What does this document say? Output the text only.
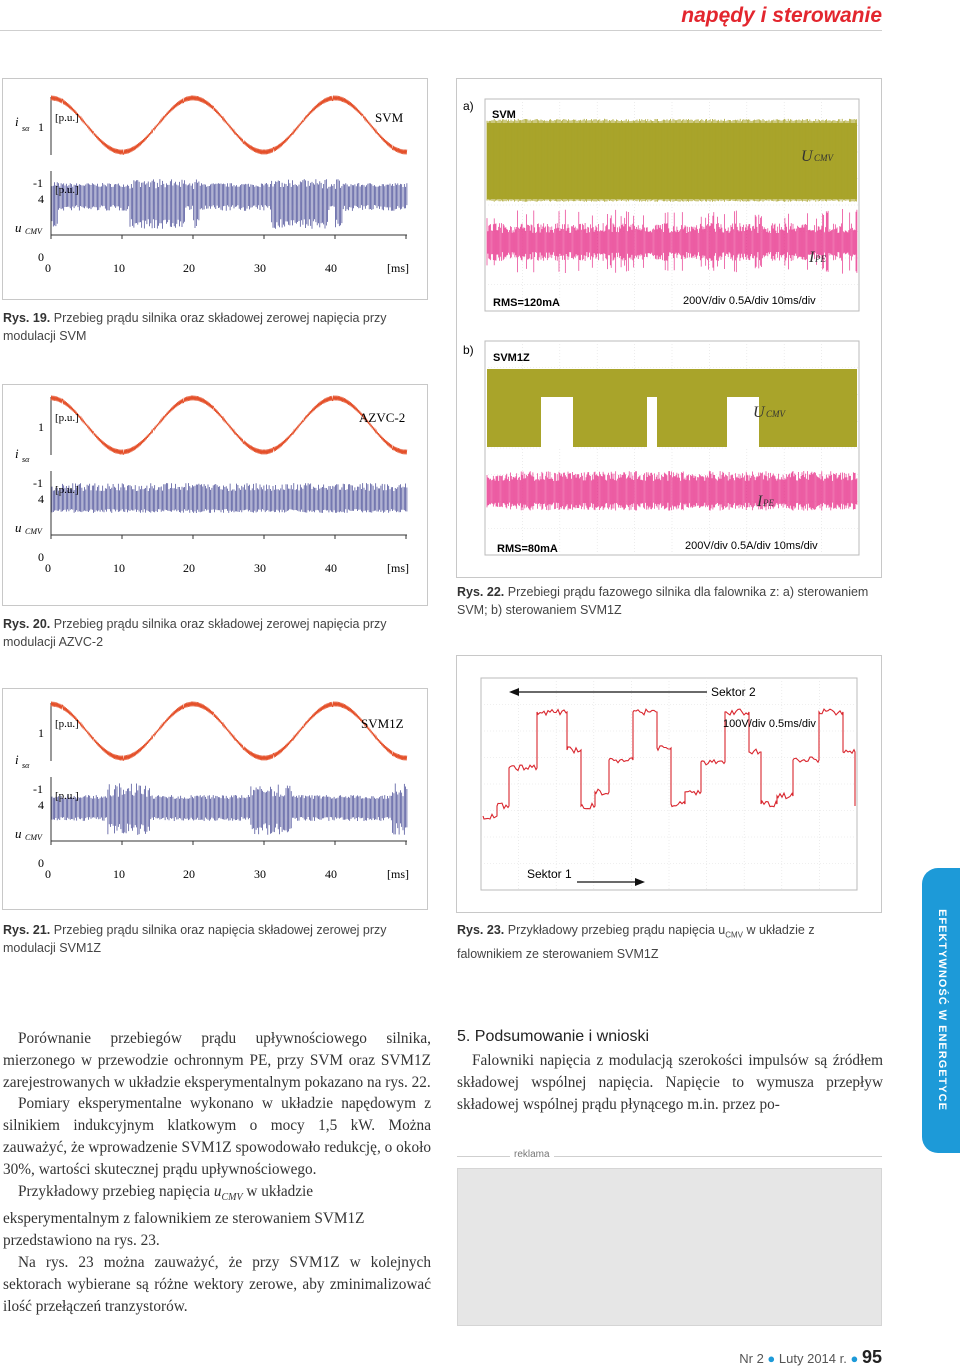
napędy i sterowanie
i sα
u CMV
1
-1
4
0
[p.u.]
[p.u.]
SVM
0	10	20	30	40	[ms]
Rys. 19. Przebieg prądu silnika oraz składowej zerowej napięcia przy modulacji SVM
i sα
u CMV
1
-1
4
0
[p.u.]
[p.u.]
AZVC-2
0	10	20	30	40	[ms]
Rys. 20. Przebieg prądu silnika oraz składowej zerowej napięcia przy modulacji AZVC-2
i sα
u CMV
1
-1
4
0
[p.u.]
[p.u.]
SVM1Z
0	10	20	30	40	[ms]
Rys. 21. Przebieg prądu silnika oraz napięcia składowej zerowej przy modulacji SVM1Z
a)
SVM
U CMV
I PE
RMS=120mA	200V/div 0.5A/div 10ms/div
b)
SVM1Z
U CMV
I PE
RMS=80mA	200V/div 0.5A/div 10ms/div
Rys. 22. Przebiegi prądu fazowego silnika dla falownika z: a) sterowaniem SVM; b) sterowaniem SVM1Z
Sektor 2
100V/div 0.5ms/div
Sektor 1
Rys. 23. Przykładowy przebieg prądu napięcia $u_{CMV}$ w układzie z falownikiem ze sterowaniem SVM1Z

Porównanie przebiegów prądu upływnościowego silnika, mierzonego w przewodzie ochronnym PE, przy SVM oraz SVM1Z zarejestrowanych w układzie eksperymentalnym pokazano na rys. 22.

Pomiary eksperymentalne wykonano w układzie napędowym z silnikiem indukcyjnym klatkowym o mocy 1,5 kW. Można zauważyć, że wprowadzenie SVM1Z spowodowało redukcję, o około 30%, wartości skutecznej prądu upływnościowego.

Przykładowy przebieg napięcia $u_{CMV}$ w układzie eksperymentalnym z falownikiem ze sterowaniem SVM1Z przedstawiono na rys. 23.

Na rys. 23 można zauważyć, że przy SVM1Z w kolejnych sektorach wybierane są różne wektory zerowe, aby zminimalizować ilość przełączeń tranzystorów.

5. Podsumowanie i wnioski
Falowniki napięcia z modulacją szerokości impulsów są źródłem składowej wspólnej napięcia. Napięcie to wymusza przepływ składowej wspólnej prądu płynącego m.in. przez po-	EFEKTYWNOŚĆ W ENERGETYCE
reklama
Nr 2 ● Luty 2014 r. ● 95
